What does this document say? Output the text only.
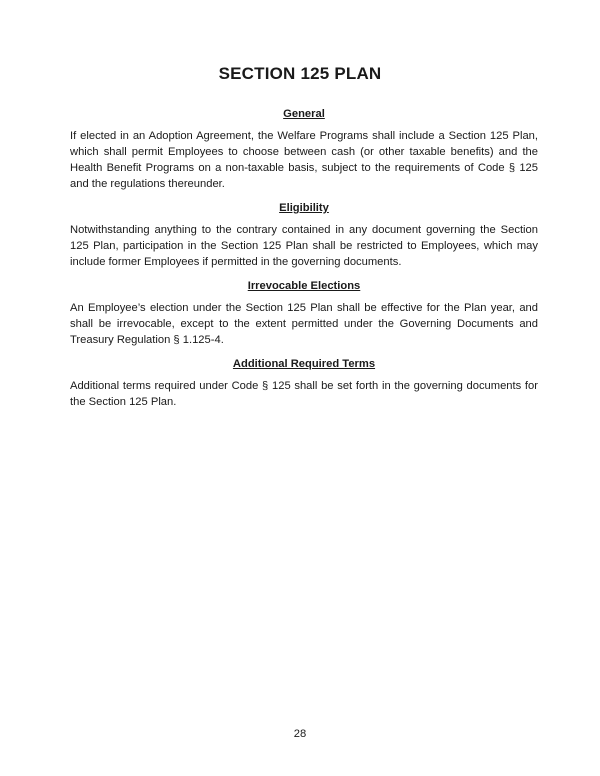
SECTION 125 PLAN
General

If elected in an Adoption Agreement, the Welfare Programs shall include a Section 125 Plan, which shall permit Employees to choose between cash (or other taxable benefits) and the Health Benefit Programs on a non-taxable basis, subject to the requirements of Code § 125 and the regulations thereunder.

Eligibility

Notwithstanding anything to the contrary contained in any document governing the Section 125 Plan, participation in the Section 125 Plan shall be restricted to Employees, which may include former Employees if permitted in the governing documents.

Irrevocable Elections

An Employee’s election under the Section 125 Plan shall be effective for the Plan year, and shall be irrevocable, except to the extent permitted under the Governing Documents and Treasury Regulation § 1.125-4.

Additional Required Terms

Additional terms required under Code § 125 shall be set forth in the governing documents for the Section 125 Plan.

28
